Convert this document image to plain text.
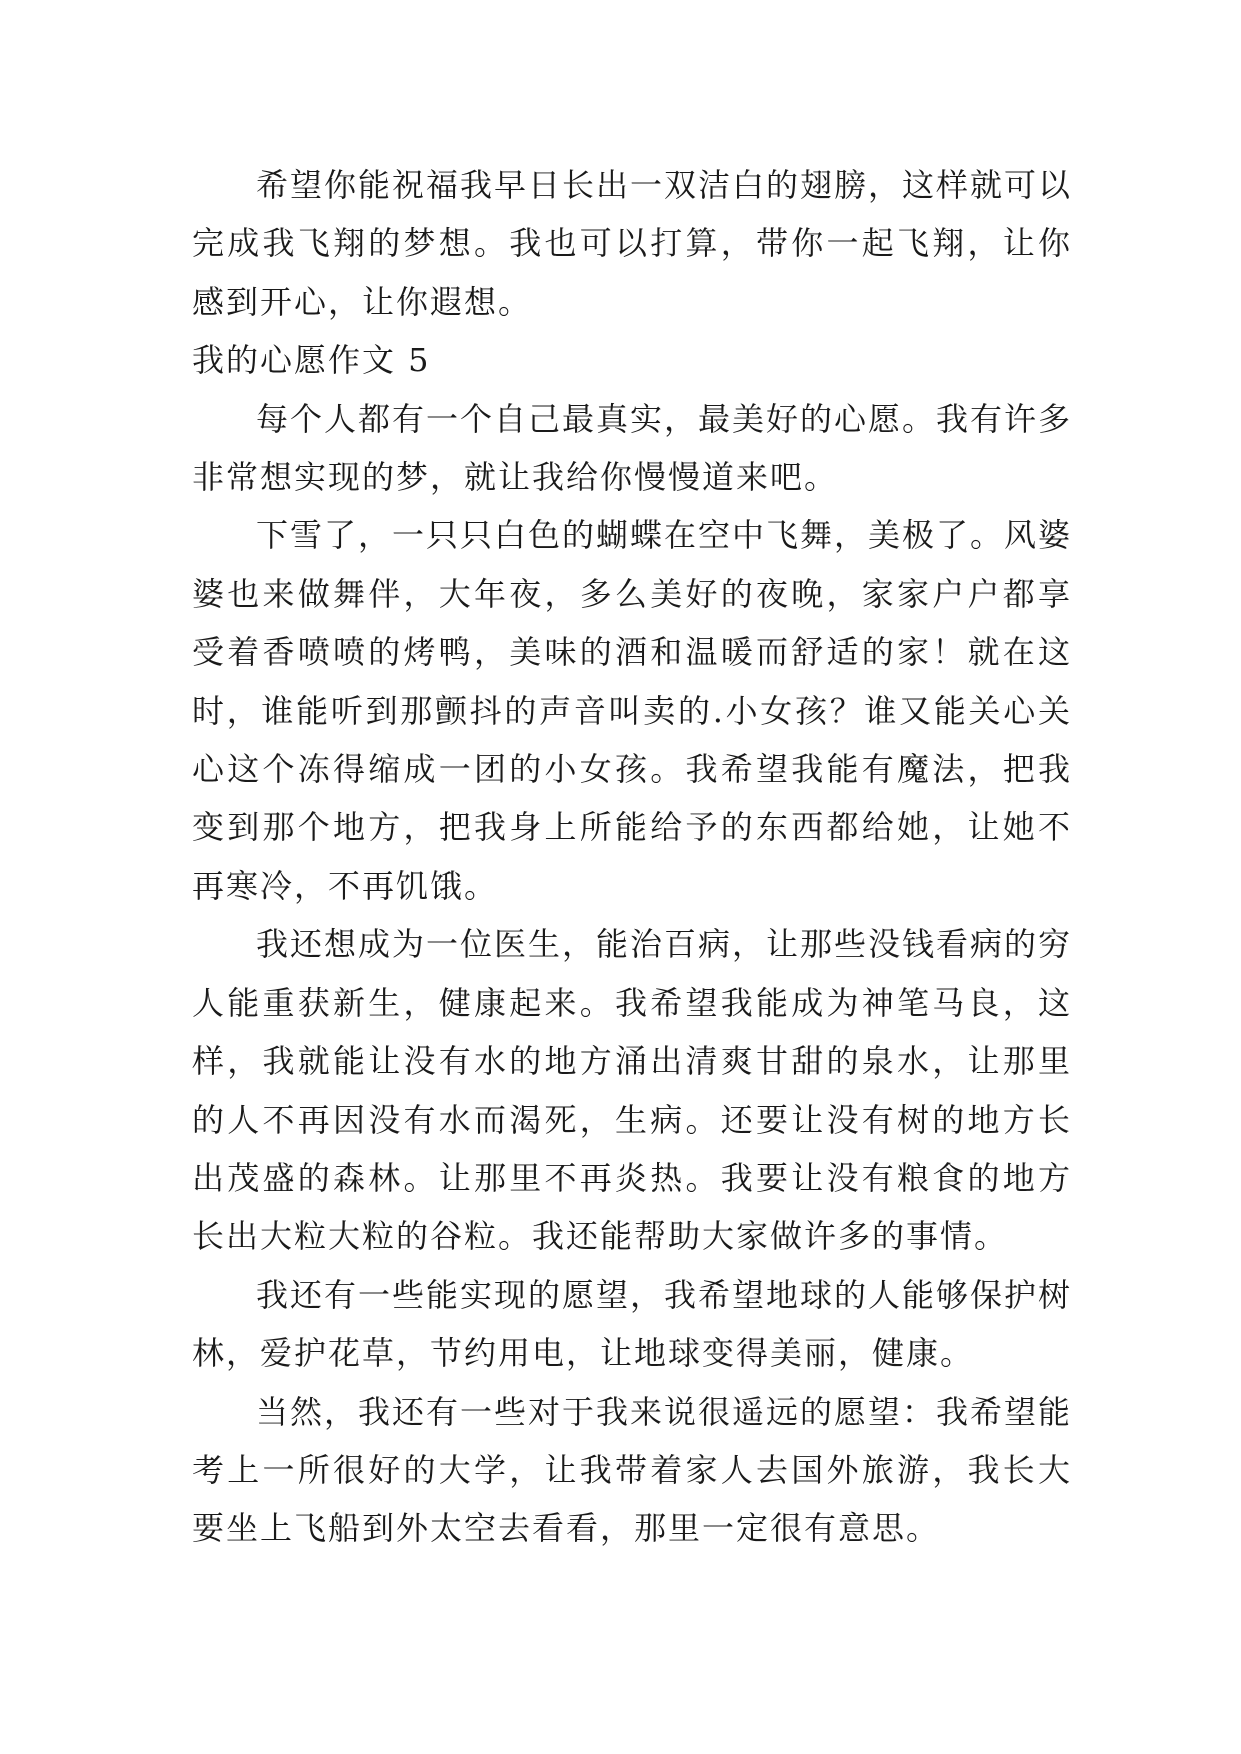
希望你能祝福我早日长出一双洁白的翅膀，这样就可以完成我飞翔的梦想。我也可以打算，带你一起飞翔，让你感到开心，让你遐想。

我的心愿作文 5

每个人都有一个自己最真实，最美好的心愿。我有许多非常想实现的梦，就让我给你慢慢道来吧。

下雪了，一只只白色的蝴蝶在空中飞舞，美极了。风婆婆也来做舞伴，大年夜，多么美好的夜晚，家家户户都享受着香喷喷的烤鸭，美味的酒和温暖而舒适的家！就在这时，谁能听到那颤抖的声音叫卖的.小女孩？谁又能关心关心这个冻得缩成一团的小女孩。我希望我能有魔法，把我变到那个地方，把我身上所能给予的东西都给她，让她不再寒冷，不再饥饿。

我还想成为一位医生，能治百病，让那些没钱看病的穷人能重获新生，健康起来。我希望我能成为神笔马良，这样，我就能让没有水的地方涌出清爽甘甜的泉水，让那里的人不再因没有水而渴死，生病。还要让没有树的地方长出茂盛的森林。让那里不再炎热。我要让没有粮食的地方长出大粒大粒的谷粒。我还能帮助大家做许多的事情。

我还有一些能实现的愿望，我希望地球的人能够保护树林，爱护花草，节约用电，让地球变得美丽，健康。

当然，我还有一些对于我来说很遥远的愿望：我希望能考上一所很好的大学，让我带着家人去国外旅游，我长大要坐上飞船到外太空去看看，那里一定很有意思。
